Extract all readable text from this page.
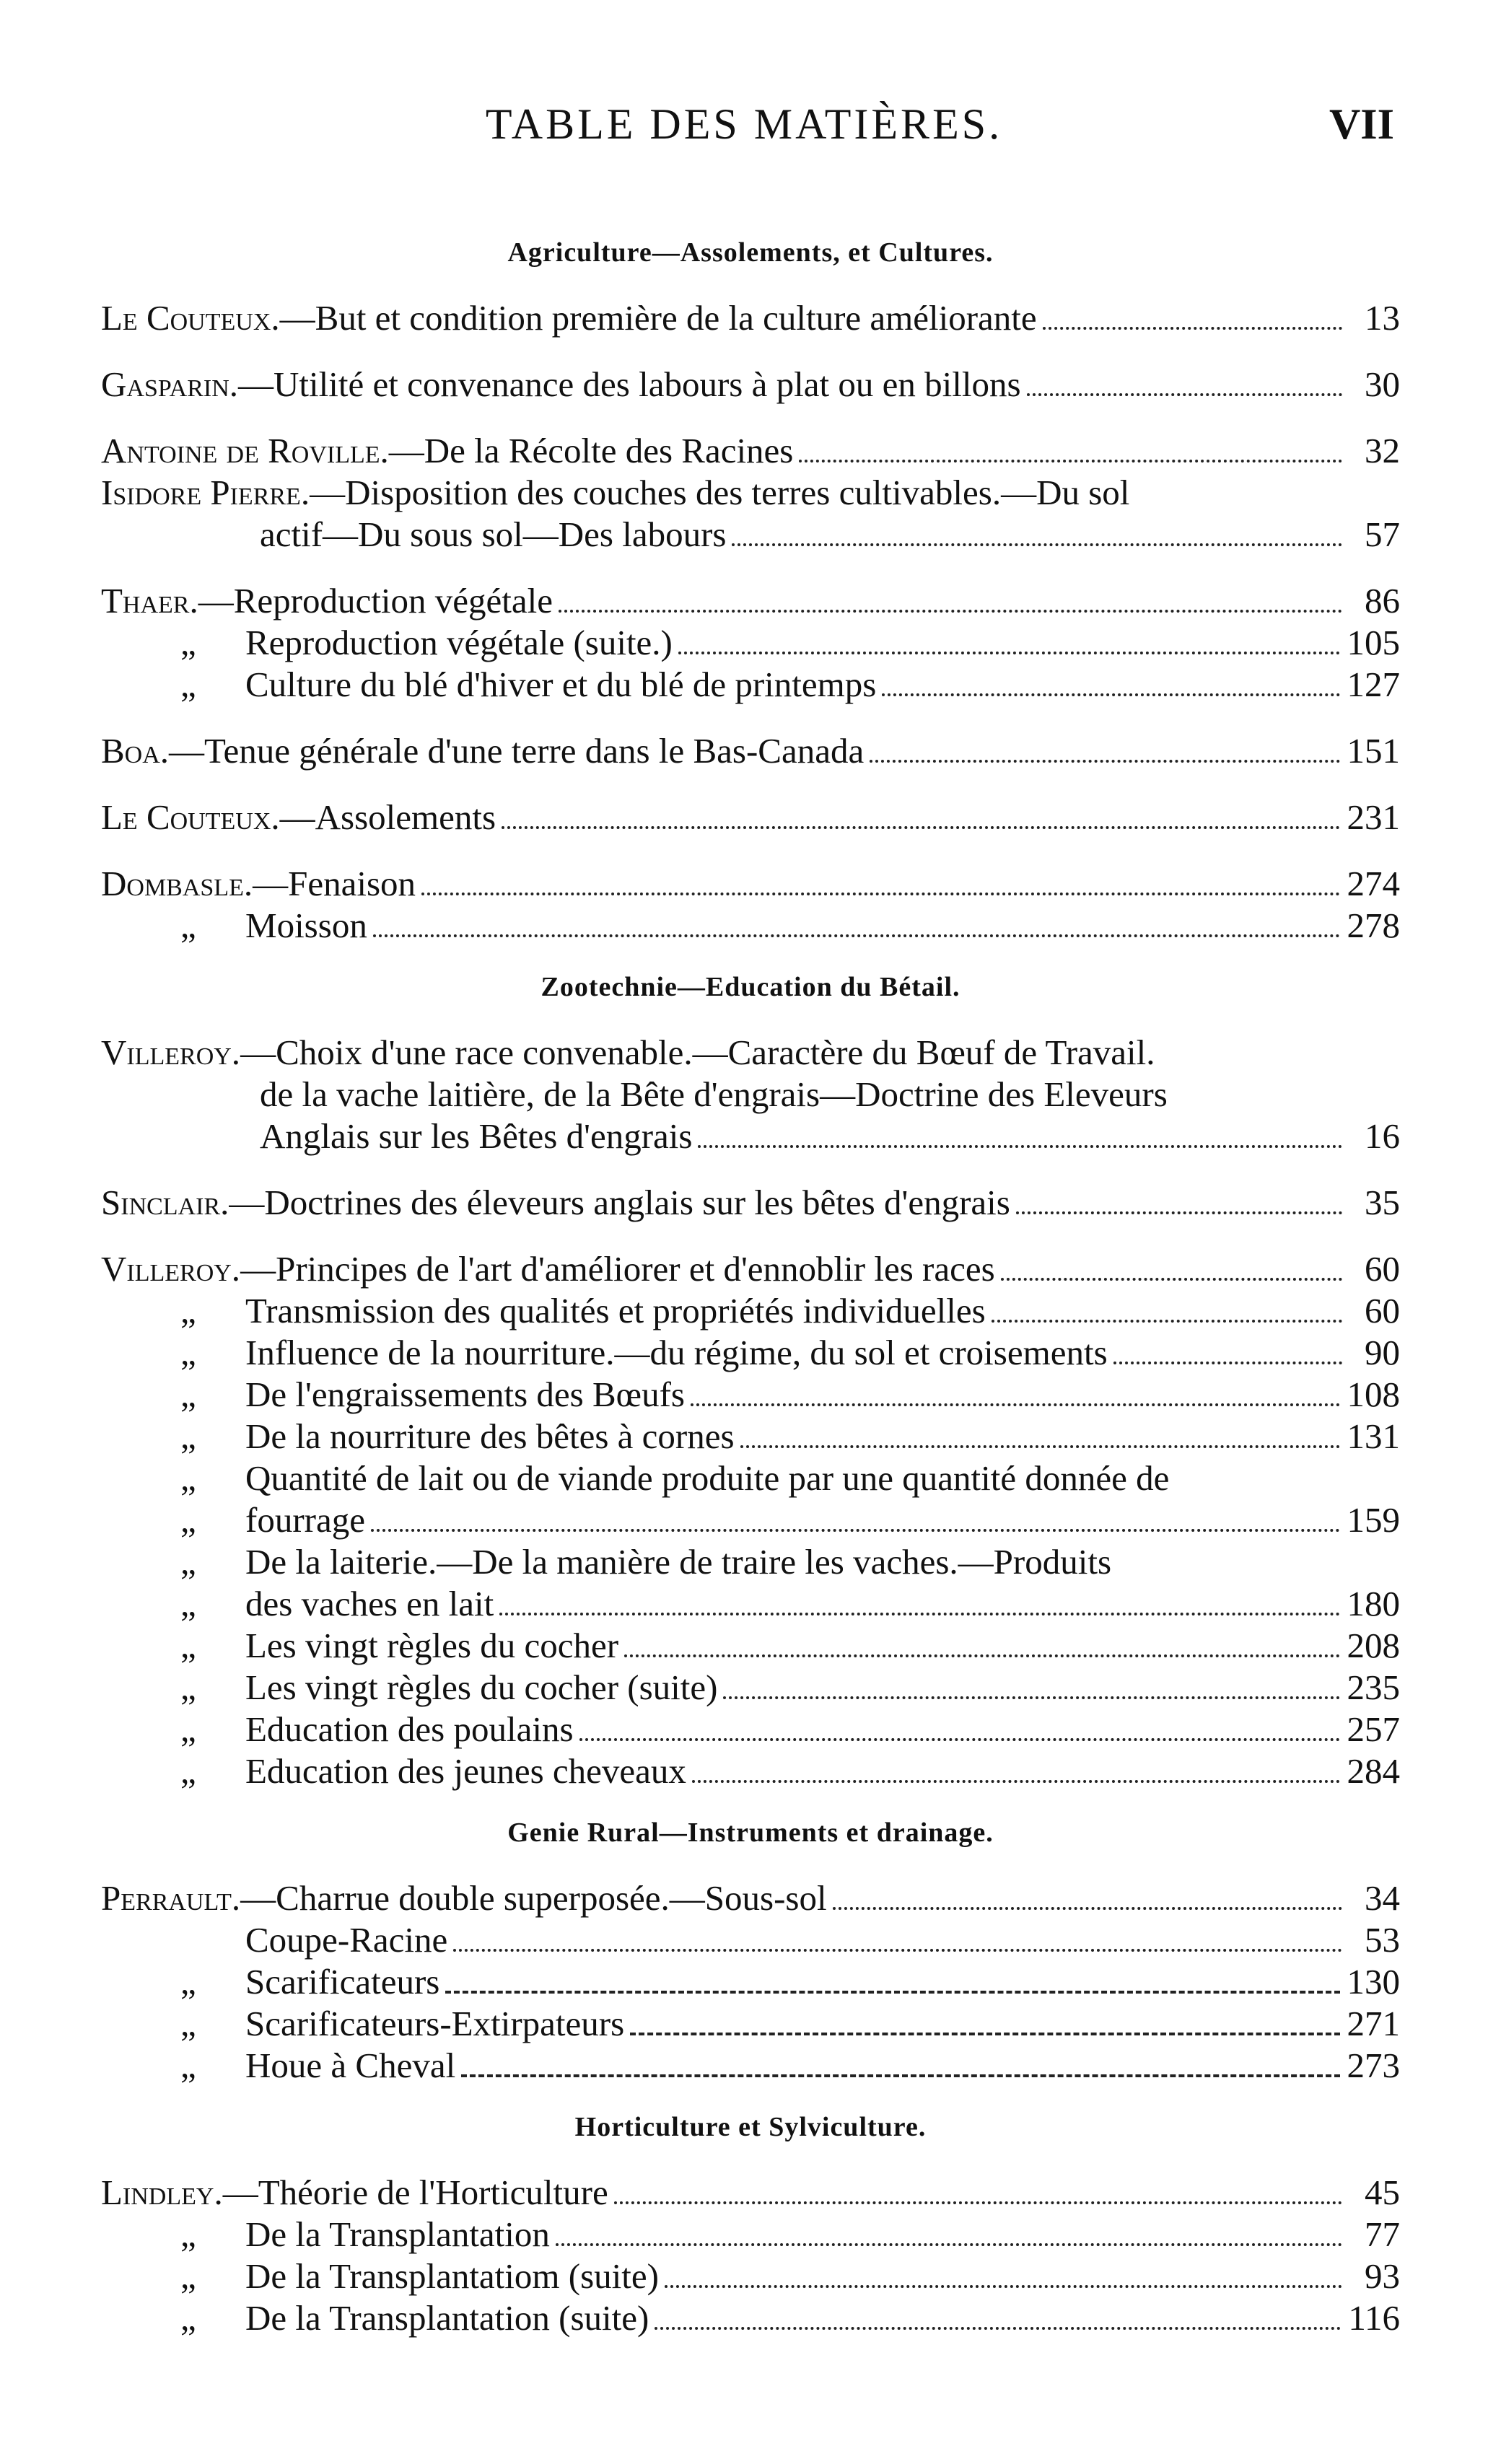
TABLE DES MATIÈRES.	VII
Agriculture—Assolements, et Cultures.
Le Couteux.—But et condition première de la culture améliorante	13
Gasparin.—Utilité et convenance des labours à plat ou en billons	30
Antoine de Roville.—De la Récolte des Racines	32
Isidore Pierre.—Disposition des couches des terres cultivables.—Du sol
actif—Du sous sol—Des labours	57
Thaer.—Reproduction végétale	86
„	Reproduction végétale (suite.)	105
„	Culture du blé d'hiver et du blé de printemps	127
Boa.—Tenue générale d'une terre dans le Bas-Canada	151
Le Couteux.—Assolements	231
Dombasle.—Fenaison	274
„	Moisson	278
Zootechnie—Education du Bétail.
Villeroy.—Choix d'une race convenable.—Caractère du Bœuf de Travail.
de la vache laitière, de la Bête d'engrais—Doctrine des Eleveurs
Anglais sur les Bêtes d'engrais	16
Sinclair.—Doctrines des éleveurs anglais sur les bêtes d'engrais	35
Villeroy.—Principes de l'art d'améliorer et d'ennoblir les races	60
„	Transmission des qualités et propriétés individuelles	60
„	Influence de la nourriture.—du régime, du sol et croisements	90
„	De l'engraissements des Bœufs	108
„	De la nourriture des bêtes à cornes	131
„	Quantité de lait ou de viande produite par une quantité donnée de
„	fourrage	159
„	De la laiterie.—De la manière de traire les vaches.—Produits
„	des vaches en lait	180
„	Les vingt règles du cocher	208
„	Les vingt règles du cocher (suite)	235
„	Education des poulains	257
„	Education des jeunes cheveaux	284
Genie Rural—Instruments et drainage.
Perrault.—Charrue double superposée.—Sous-sol	34
Coupe-Racine	53
„	Scarificateurs	130
„	Scarificateurs-Extirpateurs	271
„	Houe à Cheval	273
Horticulture et Sylviculture.
Lindley.—Théorie de l'Horticulture	45
„	De la Transplantation	77
„	De la Transplantatiom (suite)	93
„	De la Transplantation (suite)	116
